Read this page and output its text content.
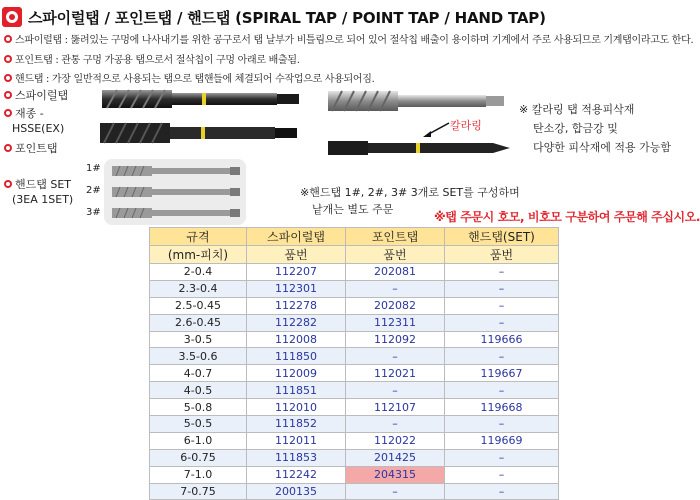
스파이럴탭 / 포인트탭 / 핸드탭 (SPIRAL TAP / POINT TAP / HAND TAP)
스파이럴탭 : 뚫려있는 구멍에 나사내기를 위한 공구로서 탭 날부가 비틀림으로 되어 있어 절삭칩 배출이 용이하며 기계에서 주로 사용되므로 기계탭이라고도 한다.
포인트탭 : 관통 구멍 가공용 탭으로서 절삭칩이 구멍 아래로 배출됨.
핸드탭 : 가장 일반적으로 사용되는 탭으로 탭핸들에 체결되어 수작업으로 사용되어짐.
스파이럴탭
재종 -
HSSE(EX)
포인트탭
핸드탭 SET
(3EA 1SET)
1#
2#
3#
칼라링
※ 칼라링 탭 적용피삭재
탄소강, 합금강 및
다양한 피삭재에 적용 가능함
※핸드탭 1#, 2#, 3# 3개로 SET를 구성하며
낱개는 별도 주문
※탭 주문시 호모, 비호모 구분하여 주문해 주십시오.
규격	스파이럴탭	포인트탭	핸드탭(SET)
(mm-피치)	품번	품번	품번
2-0.4	112207	202081	–
2.3-0.4	112301	–	–
2.5-0.45	112278	202082	–
2.6-0.45	112282	112311	–
3-0.5	112008	112092	119666
3.5-0.6	111850	–	–
4-0.7	112009	112021	119667
4-0.5	111851	–	–
5-0.8	112010	112107	119668
5-0.5	111852	–	–
6-1.0	112011	112022	119669
6-0.75	111853	201425	–
7-1.0	112242	204315	–
7-0.75	200135	–	–
